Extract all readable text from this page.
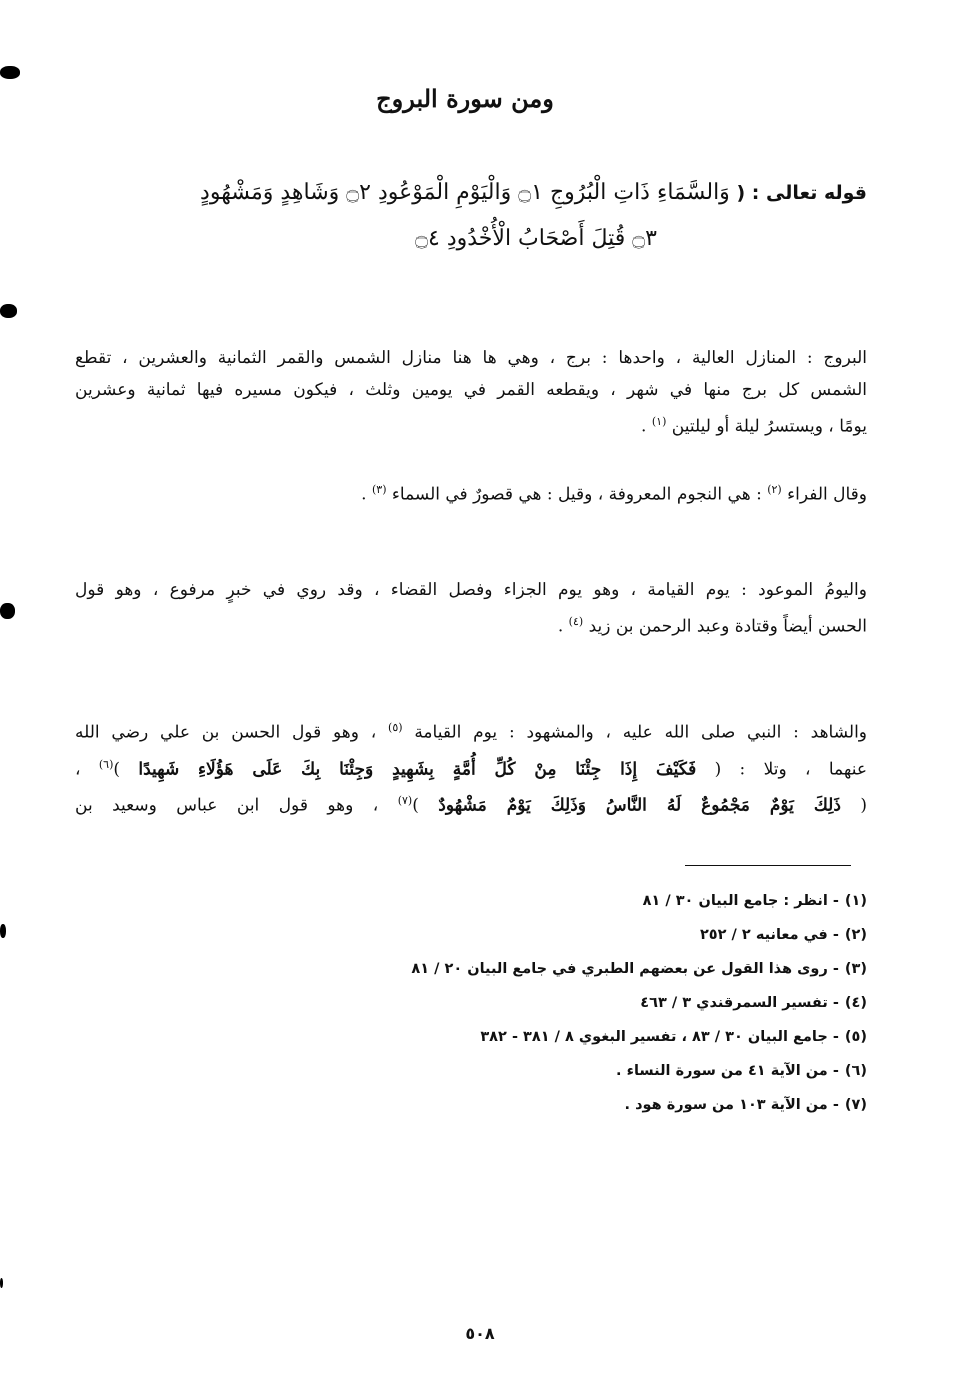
ومن سورة البروج
قوله تعالى : ( وَالسَّمَاءِ ذَاتِ الْبُرُوجِ ۝١ وَالْيَوْمِ الْمَوْعُودِ ۝٢ وَشَاهِدٍ وَمَشْهُودٍ
۝٣ قُتِلَ أَصْحَابُ الْأُخْدُودِ ۝٤
البروج : المنازل العالية ، واحدها : برج ، وهي ها هنا منازل الشمس والقمر الثمانية والعشرين ، تقطع
الشمس كل برج منها في شهر ، ويقطعه القمر في يومين وثلث ، فيكون مسيره فيها ثمانية وعشرين
يومًا ، ويستسرُ ليلة أو ليلتين $^{(١)}$ .
وقال الفراء $^{(٢)}$ : هي النجوم المعروفة ، وقيل : هي قصورٌ في السماء $^{(٣)}$ .
واليومُ الموعود : يوم القيامة ، وهو يوم الجزاء وفصل القضاء ، وقد روي في خبرٍ مرفوع ، وهو قول
الحسن أيضاً وقتادة وعبد الرحمن بن زيد $^{(٤)}$ .
والشاهد : النبي صلى الله عليه ، والمشهود : يوم القيامة $^{(٥)}$ ، وهو قول الحسن بن علي رضي الله
عنهما ، وتلا : ( فَكَيْفَ إِذَا جِئْنَا مِنْ كُلِّ أُمَّةٍ بِشَهِيدٍ وَجِئْنَا بِكَ عَلَى هَؤُلَاءِ شَهِيدًا )$^{(٦)}$ ،
( ذَلِكَ يَوْمٌ مَجْمُوعٌ لَهُ النَّاسُ وَذَلِكَ يَوْمٌ مَشْهُودٌ )$^{(٧)}$ ، وهو قول ابن عباس وسعيد بن
(١)- انظر : جامع البيان ٣٠ / ٨١
(٢)- في معانيه ٢ / ٢٥٢
(٣)- روى هذا القول عن بعضهم الطبري في جامع البيان ٢٠ / ٨١
(٤)- تفسير السمرقندي ٣ / ٤٦٣
(٥)- جامع البيان ٣٠ / ٨٣ ، تفسير البغوي ٨ / ٣٨١ - ٣٨٢
(٦)- من الآية ٤١ من سورة النساء .
(٧)- من الآية ١٠٣ من سورة هود .
٥٠٨
